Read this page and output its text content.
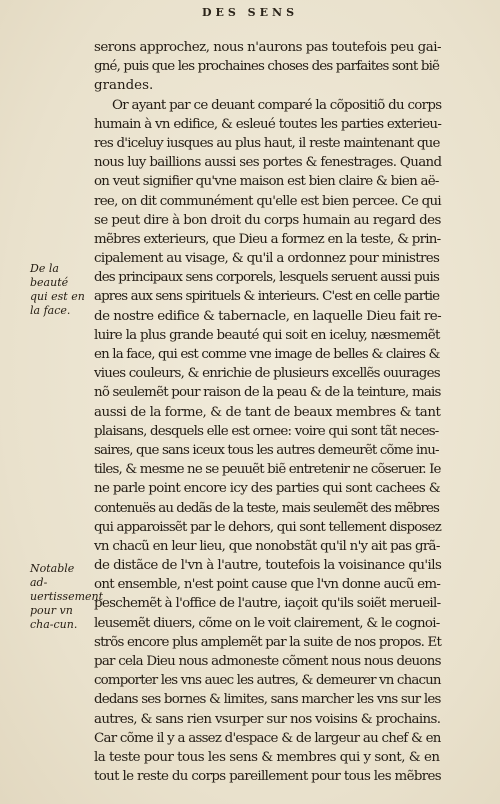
DES SENS
serons approchez, nous n'aurons pas toutefois peu gai-
gné, puis que les prochaines choses des parfaites sont biẽ
grandes.
Or ayant par ce deuant comparé la cõpositiõ du corps
humain à vn edifice, & esleué toutes les parties exterieu-
res d'iceluy iusques au plus haut, il reste maintenant que
nous luy baillions aussi ses portes & fenestrages. Quand
on veut signifier qu'vne maison est bien claire & bien aë-
ree, on dit communément qu'elle est bien percee. Ce qui
se peut dire à bon droit du corps humain au regard des
mẽbres exterieurs, que Dieu a formez en la teste, & prin-
cipalement au visage, & qu'il a ordonnez pour ministres
des principaux sens corporels, lesquels seruent aussi puis
apres aux sens spirituels & interieurs. C'est en celle partie
de nostre edifice & tabernacle, en laquelle Dieu fait re-
luire la plus grande beauté qui soit en iceluy, næsmemẽt
en la face, qui est comme vne image de belles & claires &
viues couleurs, & enrichie de plusieurs excellẽs ouurages
nõ seulemẽt pour raison de la peau & de la teinture, mais
aussi de la forme, & de tant de beaux membres & tant
plaisans, desquels elle est ornee: voire qui sont tãt neces-
saires, que sans iceux tous les autres demeurẽt cõme inu-
tiles, & mesme ne se peuuẽt biẽ entretenir ne cõseruer. Ie
ne parle point encore icy des parties qui sont cachees &
contenuës au dedãs de la teste, mais seulemẽt des mẽbres
qui apparoissẽt par le dehors, qui sont tellement disposez
vn chacũ en leur lieu, que nonobstãt qu'il n'y ait pas grã-
de distãce de l'vn à l'autre, toutefois la voisinance qu'ils
ont ensemble, n'est point cause que l'vn donne aucũ em-
peschemẽt à l'office de l'autre, iaçoit qu'ils soiẽt merueil-
leusemẽt diuers, cõme on le voit clairement, & le cognoi-
strõs encore plus amplemẽt par la suite de nos propos. Et
par cela Dieu nous admoneste cõment nous nous deuons
comporter les vns auec les autres, & demeurer vn chacun
dedans ses bornes & limites, sans marcher les vns sur les
autres, & sans rien vsurper sur nos voisins & prochains.
Car cõme il y a assez d'espace & de largeur au chef & en
la teste pour tous les sens & membres qui y sont, & en
tout le reste du corps pareillement pour tous les mẽbres
De la beauté qui est en la face.
Notable ad-uertissement pour vn cha-cun.
